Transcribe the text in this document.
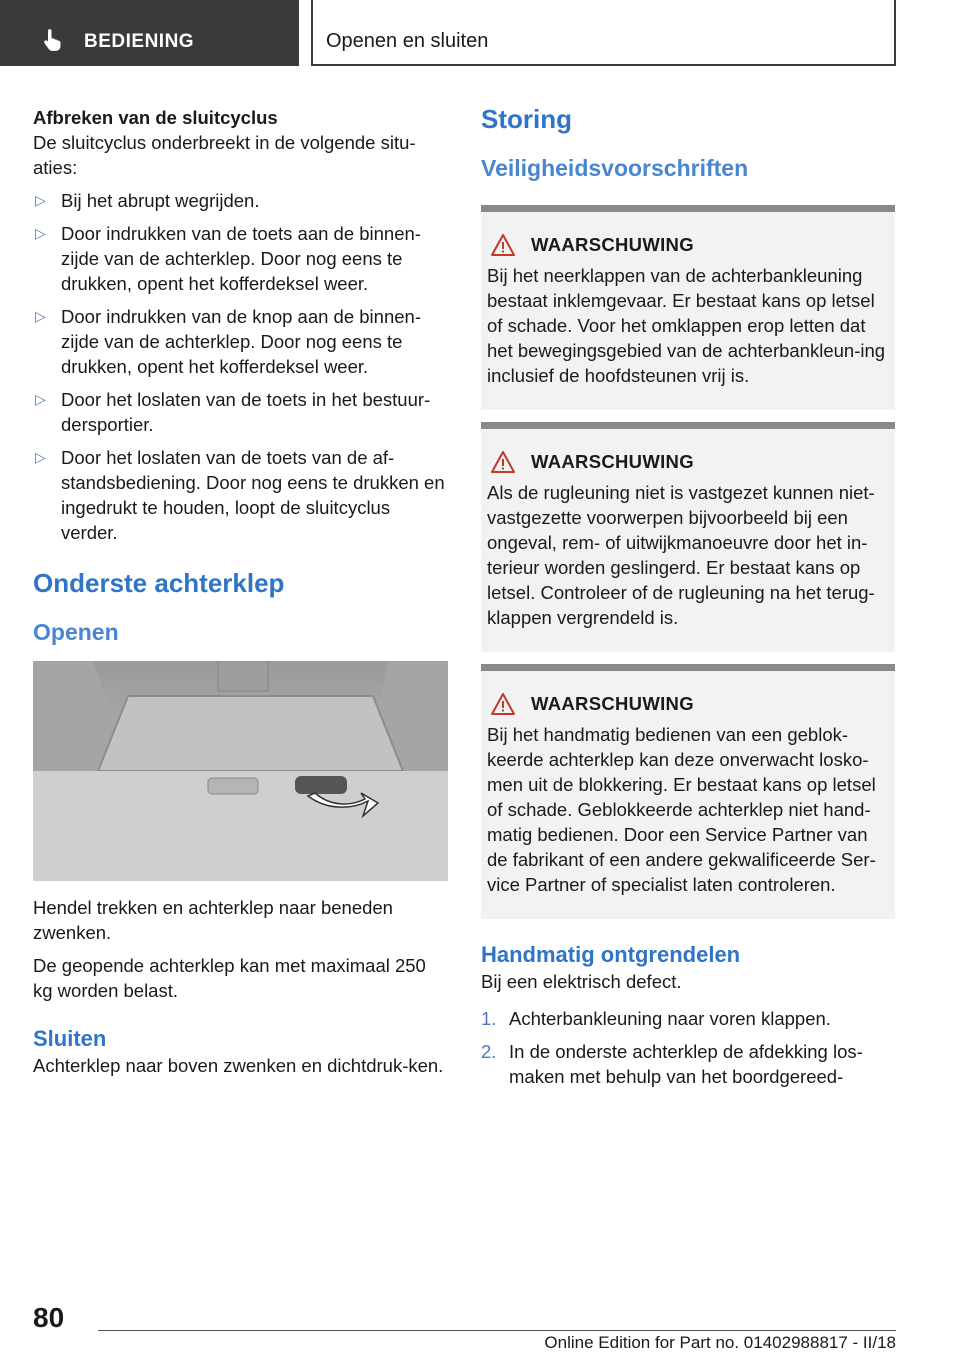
BEDIENING	Openen en sluiten
Afbreken van de sluitcyclus

De sluitcyclus onderbreekt in de volgende situ-aties:

▷ Bij het abrupt wegrijden.
▷ Door indrukken van de toets aan de binnen-zijde van de achterklep. Door nog eens te drukken, opent het kofferdeksel weer.
▷ Door indrukken van de knop aan de binnen-zijde van de achterklep. Door nog eens te drukken, opent het kofferdeksel weer.
▷ Door het loslaten van de toets in het bestuur-dersportier.
▷ Door het loslaten van de toets van de af-standsbediening. Door nog eens te drukken en ingedrukt te houden, loopt de sluitcyclus verder.
Onderste achterklep
Openen

Hendel trekken en achterklep naar beneden zwenken.

De geopende achterklep kan met maximaal 250 kg worden belast.

Sluiten

Achterklep naar boven zwenken en dichtdruk-ken.

Storing
Veiligheidsvoorschriften
WAARSCHUWING
Bij het neerklappen van de achterbankleuning bestaat inklemgevaar. Er bestaat kans op letsel of schade. Voor het omklappen erop letten dat het bewegingsgebied van de achterbankleun-ing inclusief de hoofdsteunen vrij is.
WAARSCHUWING
Als de rugleuning niet is vastgezet kunnen niet-vastgezette voorwerpen bijvoorbeeld bij een ongeval, rem- of uitwijkmanoeuvre door het in-terieur worden geslingerd. Er bestaat kans op letsel. Controleer of de rugleuning na het terug-klappen vergrendeld is.
WAARSCHUWING
Bij het handmatig bedienen van een geblok-keerde achterklep kan deze onverwacht losko-men uit de blokkering. Er bestaat kans op letsel of schade. Geblokkeerde achterklep niet hand-matig bedienen. Door een Service Partner van de fabrikant of een andere gekwalificeerde Ser-vice Partner of specialist laten controleren.
Handmatig ontgrendelen

Bij een elektrisch defect.

1. Achterbankleuning naar voren klappen.
2. In de onderste achterklep de afdekking los-maken met behulp van het boordgereed-
80
Online Edition for Part no. 01402988817 - II/18
